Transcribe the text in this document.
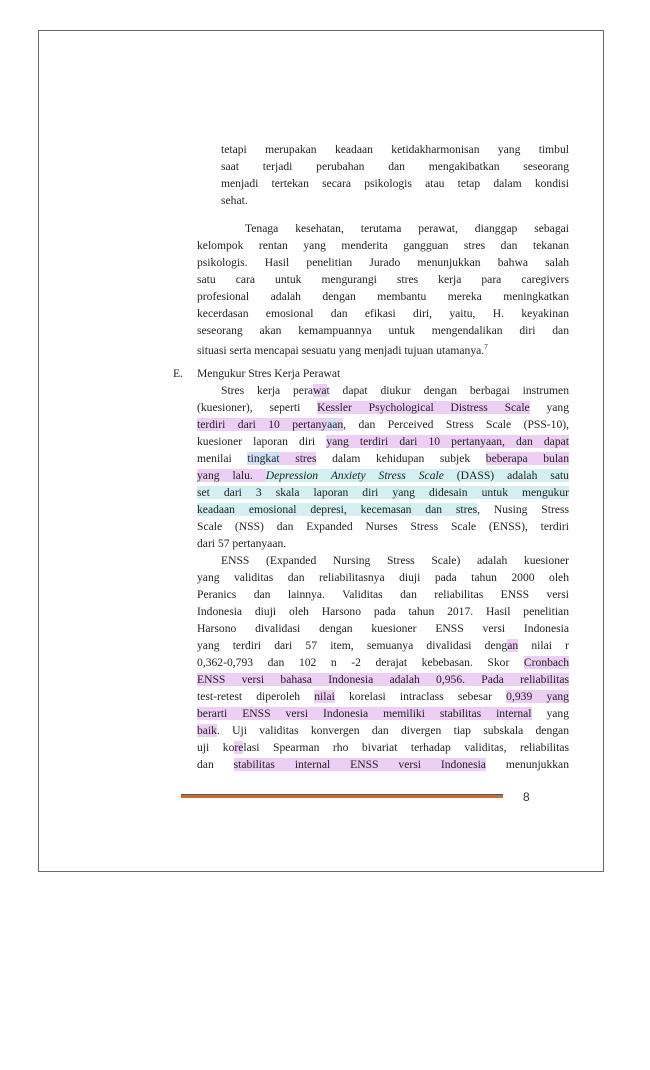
tetapi merupakan keadaan ketidakharmonisan yang timbul
saat terjadi perubahan dan mengakibatkan seseorang
menjadi tertekan secara psikologis atau tetap dalam kondisi
sehat.
Tenaga kesehatan, terutama perawat, dianggap sebagai
kelompok rentan yang menderita gangguan stres dan tekanan
psikologis. Hasil penelitian Jurado menunjukkan bahwa salah
satu cara untuk mengurangi stres kerja para caregivers
profesional adalah dengan membantu mereka meningkatkan
kecerdasan emosional dan efikasi diri, yaitu, H. keyakinan
seseorang akan kemampuannya untuk mengendalikan diri dan
situasi serta mencapai sesuatu yang menjadi tujuan utamanya.$^7$
E. Mengukur Stres Kerja Perawat
Stres kerja perawat dapat diukur dengan berbagai instrumen
(kuesioner), seperti Kessler Psychological Distress Scale yang
terdiri dari 10 pertanyaan, dan Perceived Stress Scale (PSS-10),
kuesioner laporan diri yang terdiri dari 10 pertanyaan, dan dapat
menilai tingkat stres dalam kehidupan subjek beberapa bulan
yang lalu. Depression Anxiety Stress Scale (DASS) adalah satu
set dari 3 skala laporan diri yang didesain untuk mengukur
keadaan emosional depresi, kecemasan dan stres, Nusing Stress
Scale (NSS) dan Expanded Nurses Stress Scale (ENSS), terdiri
dari 57 pertanyaan.
ENSS (Expanded Nursing Stress Scale) adalah kuesioner
yang validitas dan reliabilitasnya diuji pada tahun 2000 oleh
Peranics dan lainnya. Validitas dan reliabilitas ENSS versi
Indonesia diuji oleh Harsono pada tahun 2017. Hasil penelitian
Harsono divalidasi dengan kuesioner ENSS versi Indonesia
yang terdiri dari 57 item, semuanya divalidasi dengan nilai r
0,362-0,793 dan 102 n -2 derajat kebebasan. Skor Cronbach
ENSS versi bahasa Indonesia adalah 0,956. Pada reliabilitas
test-retest diperoleh nilai korelasi intraclass sebesar 0,939 yang
berarti ENSS versi Indonesia memiliki stabilitas internal yang
baik. Uji validitas konvergen dan divergen tiap subskala dengan
uji korelasi Spearman rho bivariat terhadap validitas, reliabilitas
dan stabilitas internal ENSS versi Indonesia menunjukkan
8
